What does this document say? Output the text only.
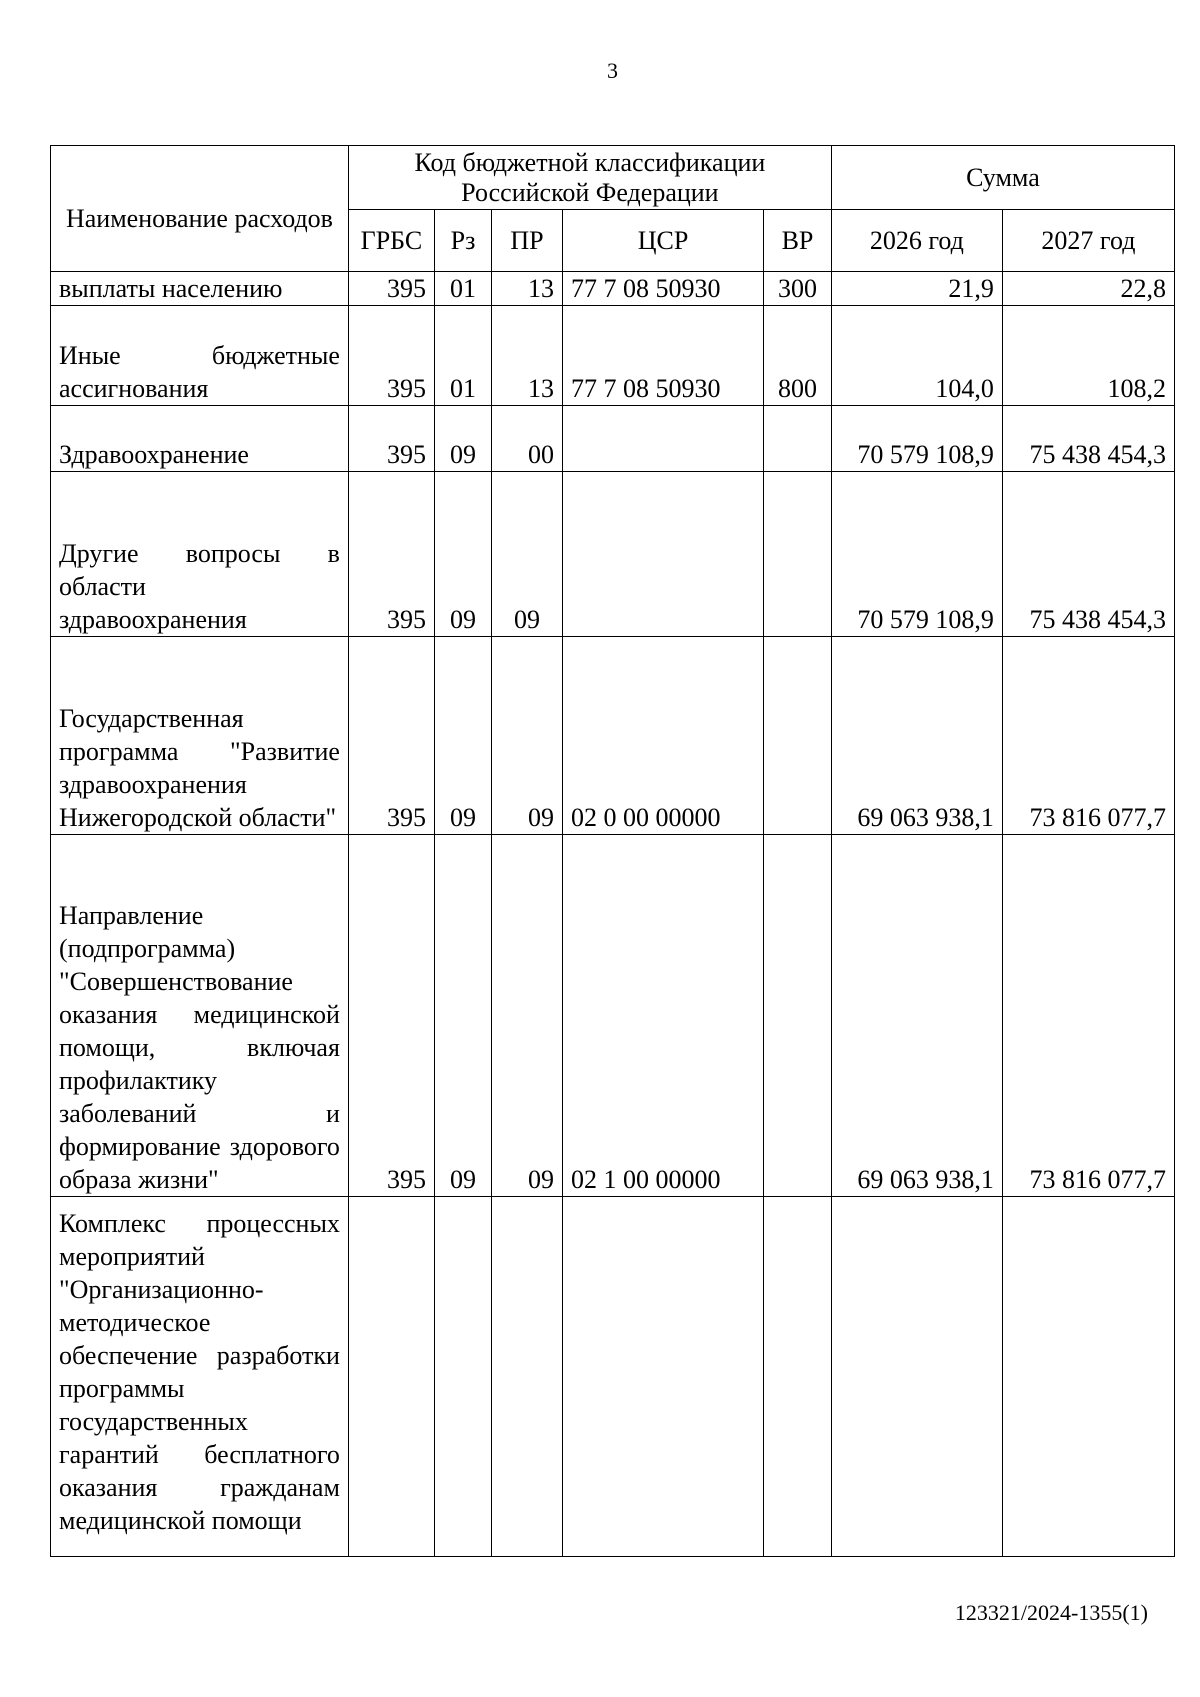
3
Наименование расходов	Код бюджетной классификации Российской Федерации					Сумма	
	ГРБС	Рз	ПР	ЦСР	ВР	2026 год	2027 год
выплаты населению	395	01	13	77 7 08 50930	300	21,9	22,8
Иные бюджетные ассигнования	395	01	13	77 7 08 50930	800	104,0	108,2
Здравоохранение	395	09	00			70 579 108,9	75 438 454,3
Другие вопросы в области здравоохранения	395	09	09			70 579 108,9	75 438 454,3
Государственная программа "Развитие здравоохранения Нижегородской области"	395	09	09	02 0 00 00000		69 063 938,1	73 816 077,7
Направление (подпрограмма) "Совершенствование оказания медицинской помощи, включая профилактику заболеваний и формирование здорового образа жизни"	395	09	09	02 1 00 00000		69 063 938,1	73 816 077,7
Комплекс процессных мероприятий "Организационно-методическое обеспечение разработки программы государственных гарантий бесплатного оказания гражданам медицинской помощи							
123321/2024-1355(1)
